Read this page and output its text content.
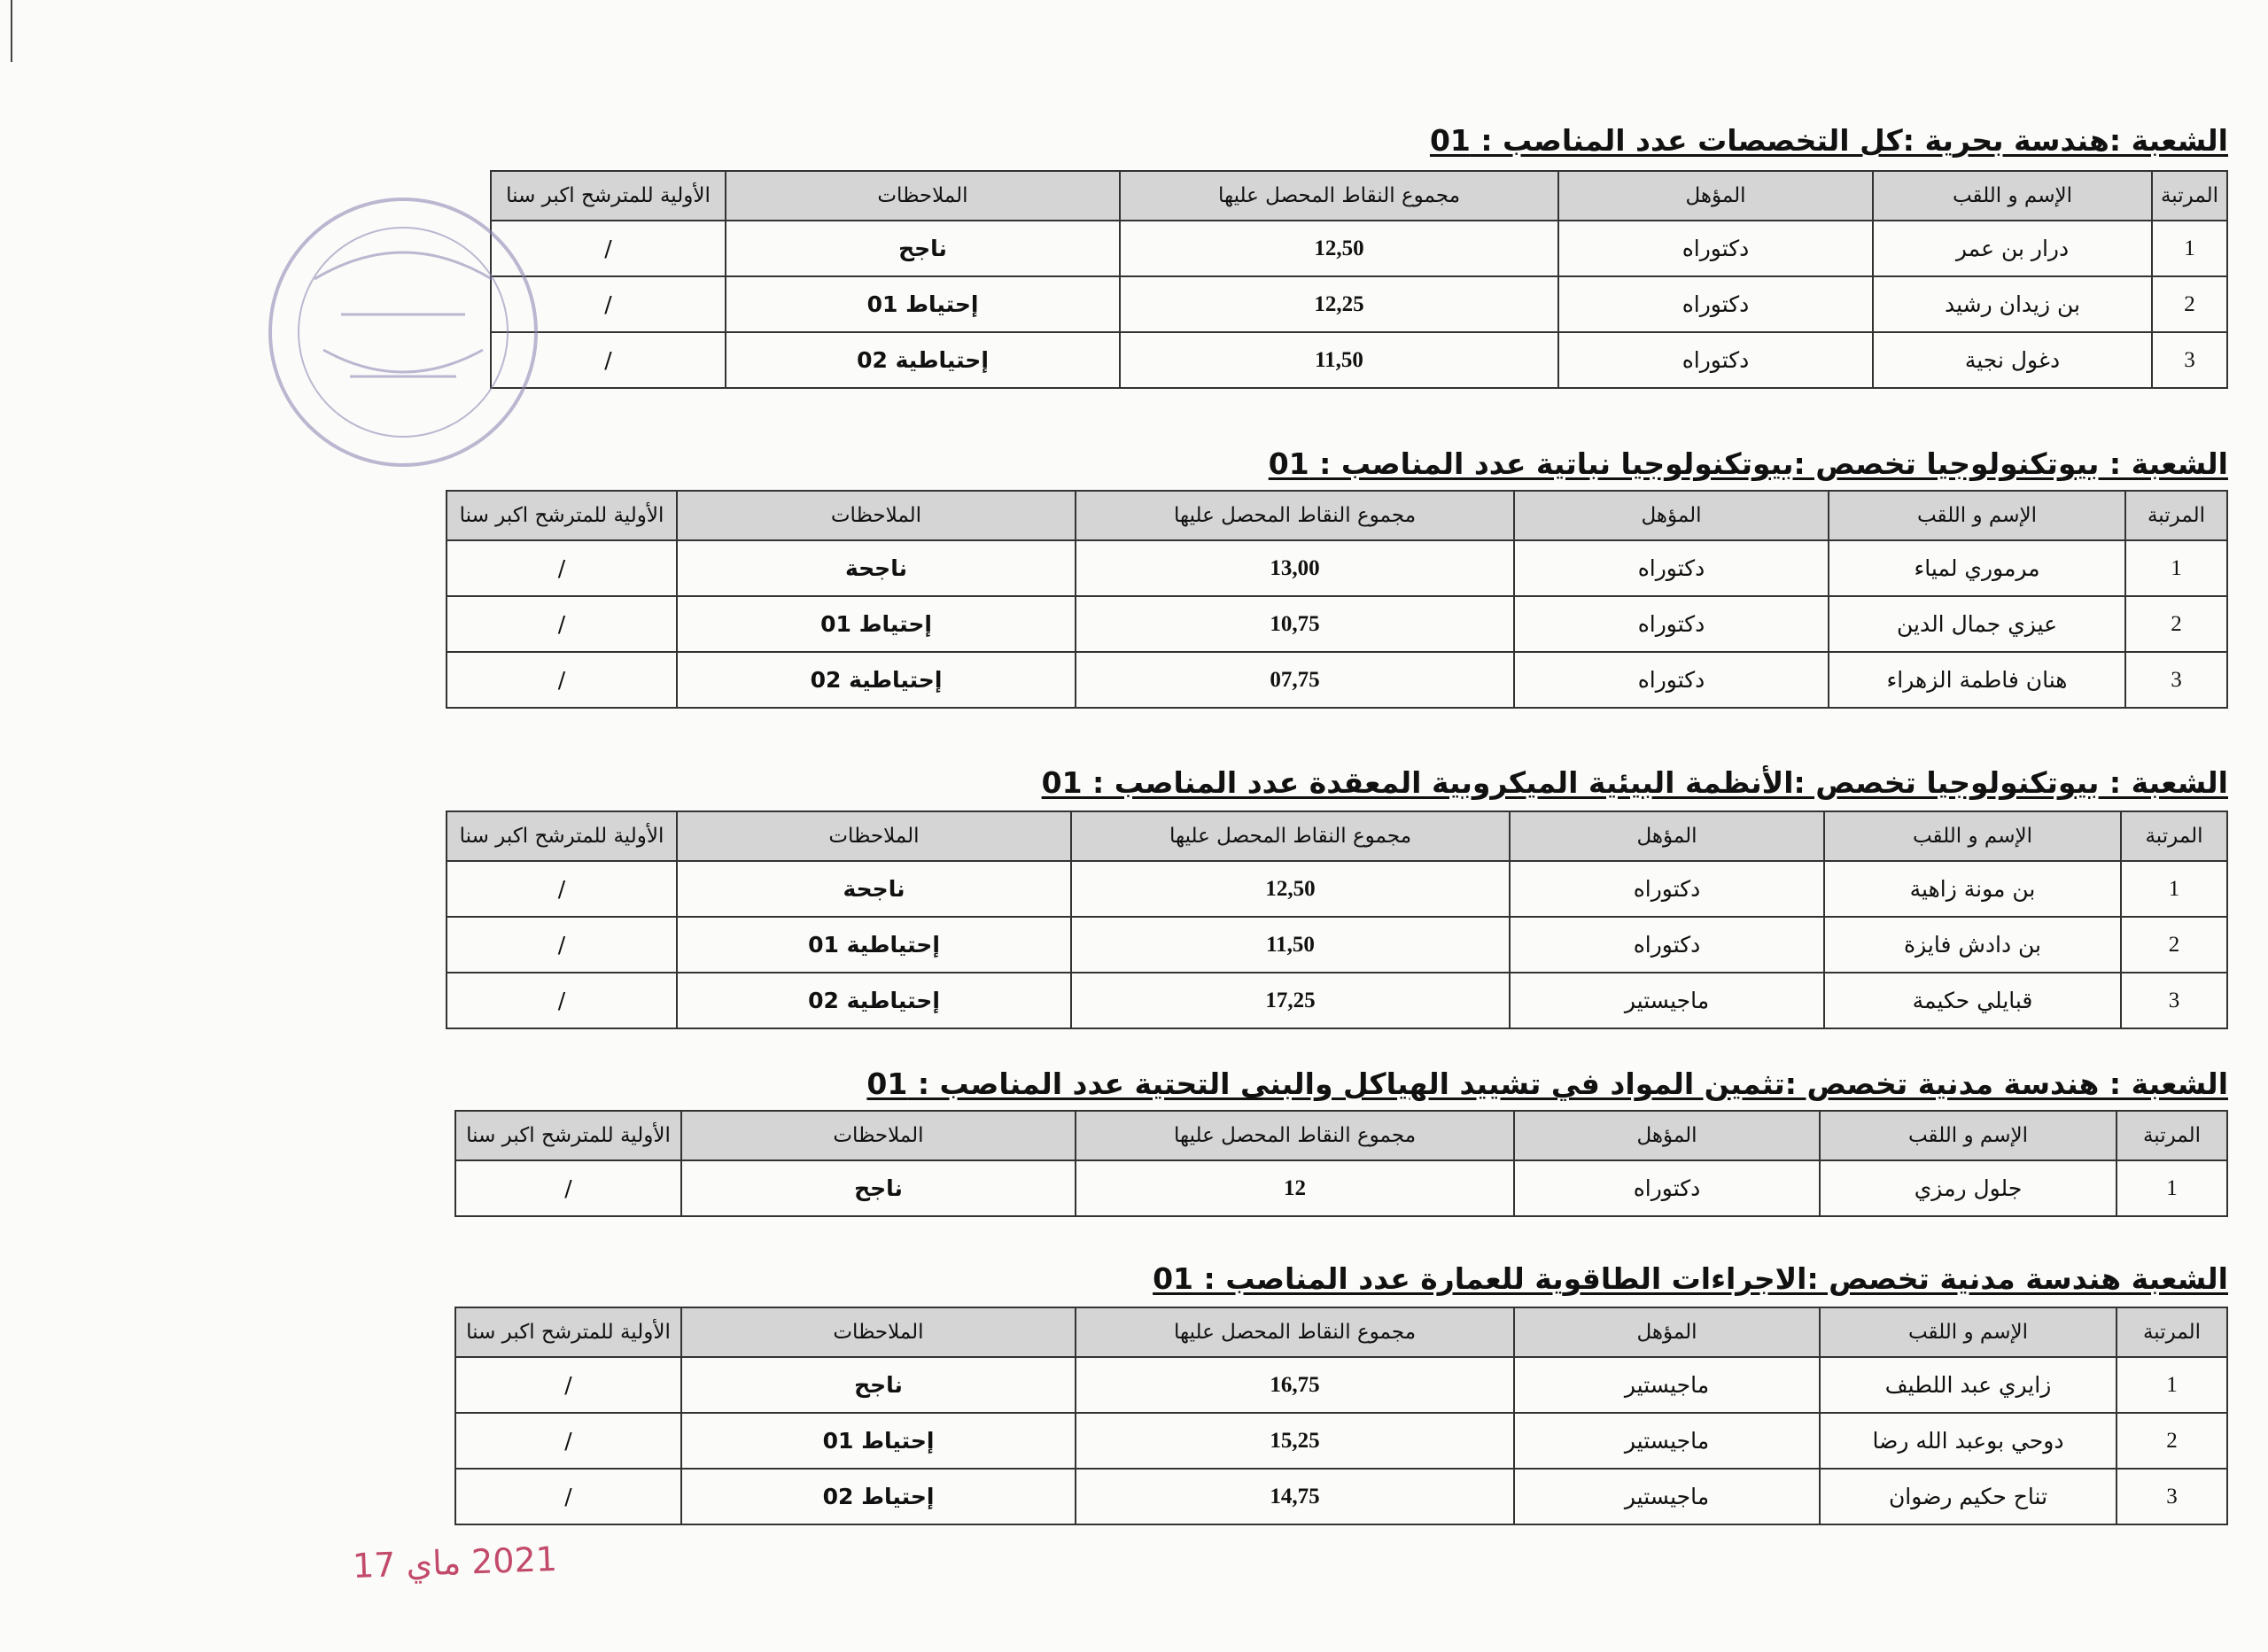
الشعبة :هندسة بحرية :كل التخصصات عدد المناصب : 01
المرتبة	الإسم و اللقب	المؤهل	مجموع النقاط المحصل عليها	الملاحظات	الأولية للمترشح اكبر سنا
1	درار بن عمر	دكتوراه	12,50	ناجح	/
2	بن زيدان رشيد	دكتوراه	12,25	إحتياط 01	/
3	دغول نجية	دكتوراه	11,50	إحتياطية 02	/
الشعبة : بيوتكنولوجيا تخصص :بيوتكنولوجيا نباتية عدد المناصب : 01
المرتبة	الإسم و اللقب	المؤهل	مجموع النقاط المحصل عليها	الملاحظات	الأولية للمترشح اكبر سنا
1	مرموري لمياء	دكتوراه	13,00	ناجحة	/
2	عيزي جمال الدين	دكتوراه	10,75	إحتياط 01	/
3	هنان فاطمة الزهراء	دكتوراه	07,75	إحتياطية 02	/
الشعبة : بيوتكنولوجيا تخصص :الأنظمة البيئية الميكروبية المعقدة عدد المناصب : 01
المرتبة	الإسم و اللقب	المؤهل	مجموع النقاط المحصل عليها	الملاحظات	الأولية للمترشح اكبر سنا
1	بن مونة زاهية	دكتوراه	12,50	ناجحة	/
2	بن دادش فايزة	دكتوراه	11,50	إحتياطية 01	/
3	قبايلي حكيمة	ماجيستير	17,25	إحتياطية 02	/
الشعبة : هندسة مدنية تخصص :تثمين المواد في تشييد الهياكل والبنى التحتية عدد المناصب : 01
المرتبة	الإسم و اللقب	المؤهل	مجموع النقاط المحصل عليها	الملاحظات	الأولية للمترشح اكبر سنا
1	جلول رمزي	دكتوراه	12	ناجح	/
الشعبة هندسة مدنية تخصص :الاجراءات الطاقوية للعمارة عدد المناصب : 01
المرتبة	الإسم و اللقب	المؤهل	مجموع النقاط المحصل عليها	الملاحظات	الأولية للمترشح اكبر سنا
1	زايري عبد اللطيف	ماجيستير	16,75	ناجح	/
2	دوحي بوعبد الله رضا	ماجيستير	15,25	إحتياط 01	/
3	تناح حكيم رضوان	ماجيستير	14,75	إحتياط 02	/
2021 ماي 17
